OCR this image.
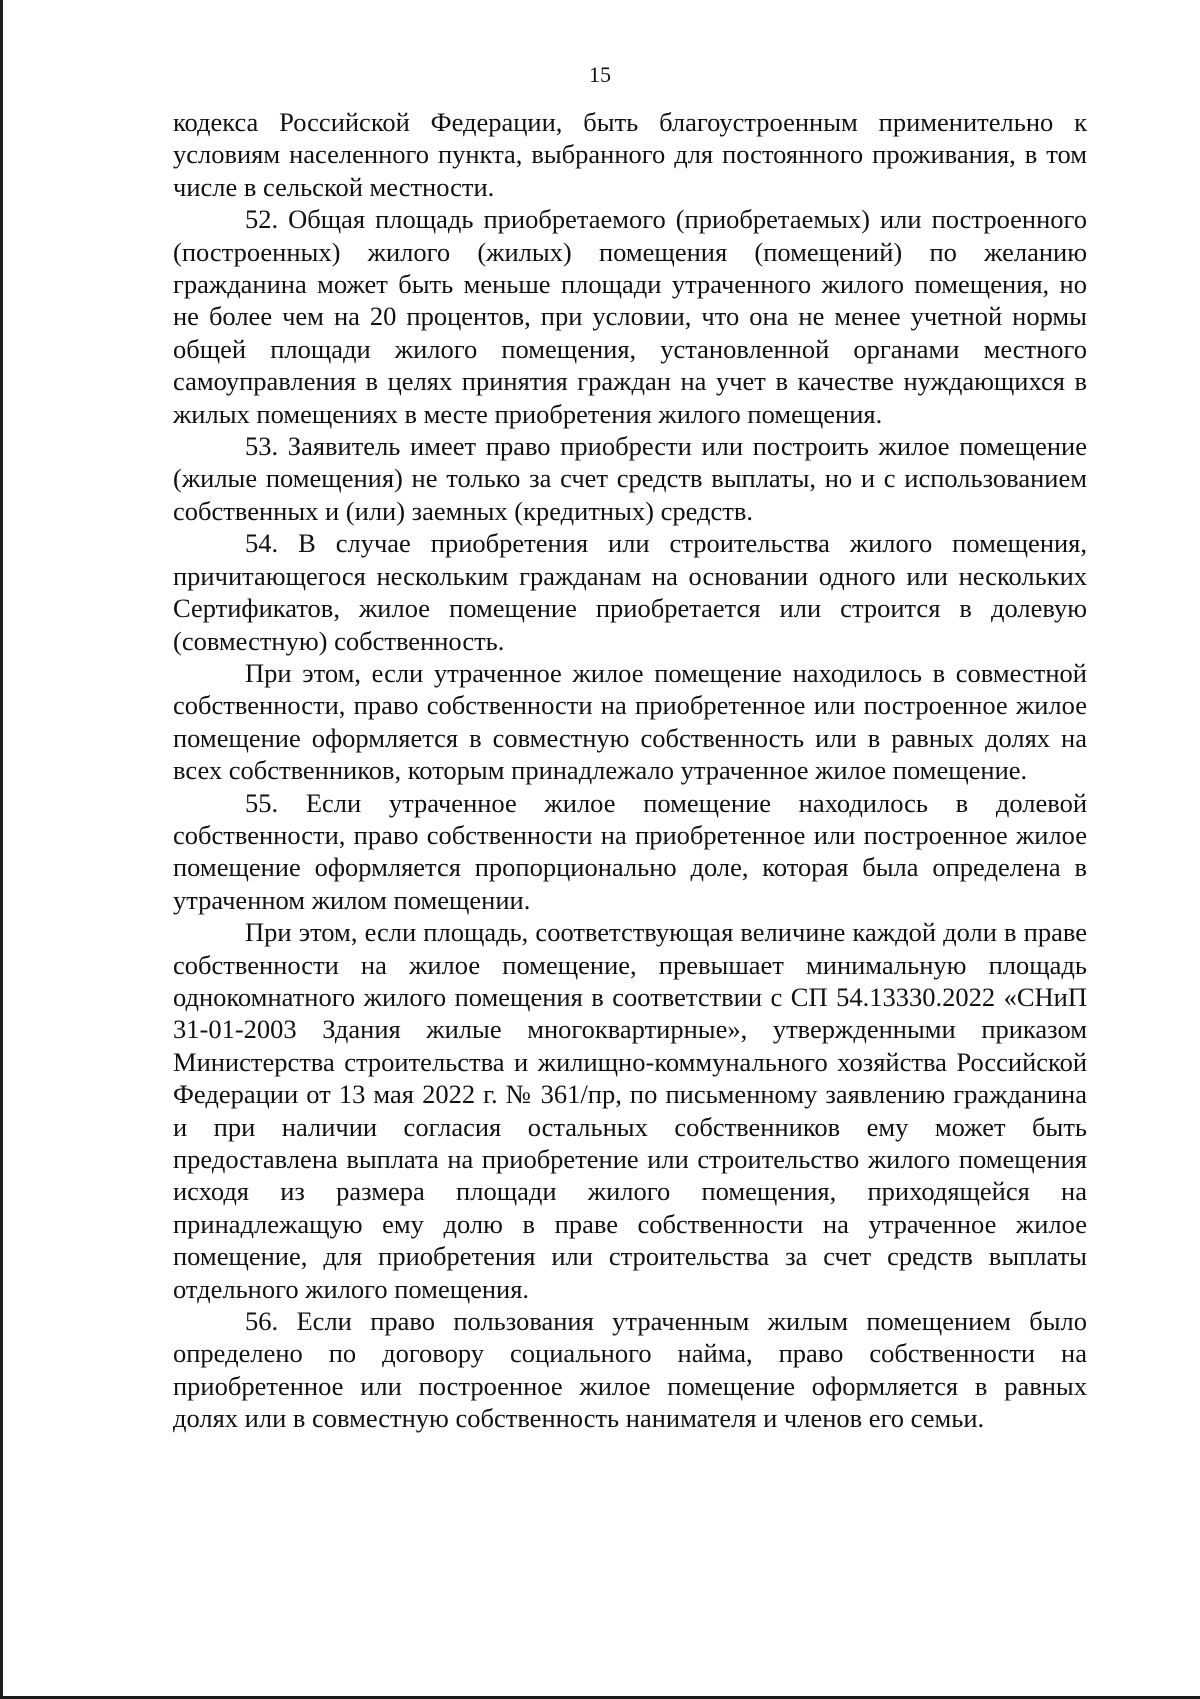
15

кодекса Российской Федерации, быть благоустроенным применительно к условиям населенного пункта, выбранного для постоянного проживания, в том числе в сельской местности.

52. Общая площадь приобретаемого (приобретаемых) или построенного (построенных) жилого (жилых) помещения (помещений) по желанию гражданина может быть меньше площади утраченного жилого помещения, но не более чем на 20 процентов, при условии, что она не менее учетной нормы общей площади жилого помещения, установленной органами местного самоуправления в целях принятия граждан на учет в качестве нуждающихся в жилых помещениях в месте приобретения жилого помещения.

53. Заявитель имеет право приобрести или построить жилое помещение (жилые помещения) не только за счет средств выплаты, но и с использованием собственных и (или) заемных (кредитных) средств.

54. В случае приобретения или строительства жилого помещения, причитающегося нескольким гражданам на основании одного или нескольких Сертификатов, жилое помещение приобретается или строится в долевую (совместную) собственность.

При этом, если утраченное жилое помещение находилось в совместной собственности, право собственности на приобретенное или построенное жилое помещение оформляется в совместную собственность или в равных долях на всех собственников, которым принадлежало утраченное жилое помещение.

55. Если утраченное жилое помещение находилось в долевой собственности, право собственности на приобретенное или построенное жилое помещение оформляется пропорционально доле, которая была определена в утраченном жилом помещении.

При этом, если площадь, соответствующая величине каждой доли в праве собственности на жилое помещение, превышает минимальную площадь однокомнатного жилого помещения в соответствии с СП 54.13330.2022 «СНиП 31-01-2003 Здания жилые многоквартирные», утвержденными приказом Министерства строительства и жилищно-коммунального хозяйства Российской Федерации от 13 мая 2022 г. № 361/пр, по письменному заявлению гражданина и при наличии согласия остальных собственников ему может быть предоставлена выплата на приобретение или строительство жилого помещения исходя из размера площади жилого помещения, приходящейся на принадлежащую ему долю в праве собственности на утраченное жилое помещение, для приобретения или строительства за счет средств выплаты отдельного жилого помещения.

56. Если право пользования утраченным жилым помещением было определено по договору социального найма, право собственности на приобретенное или построенное жилое помещение оформляется в равных долях или в совместную собственность нанимателя и членов его семьи.
